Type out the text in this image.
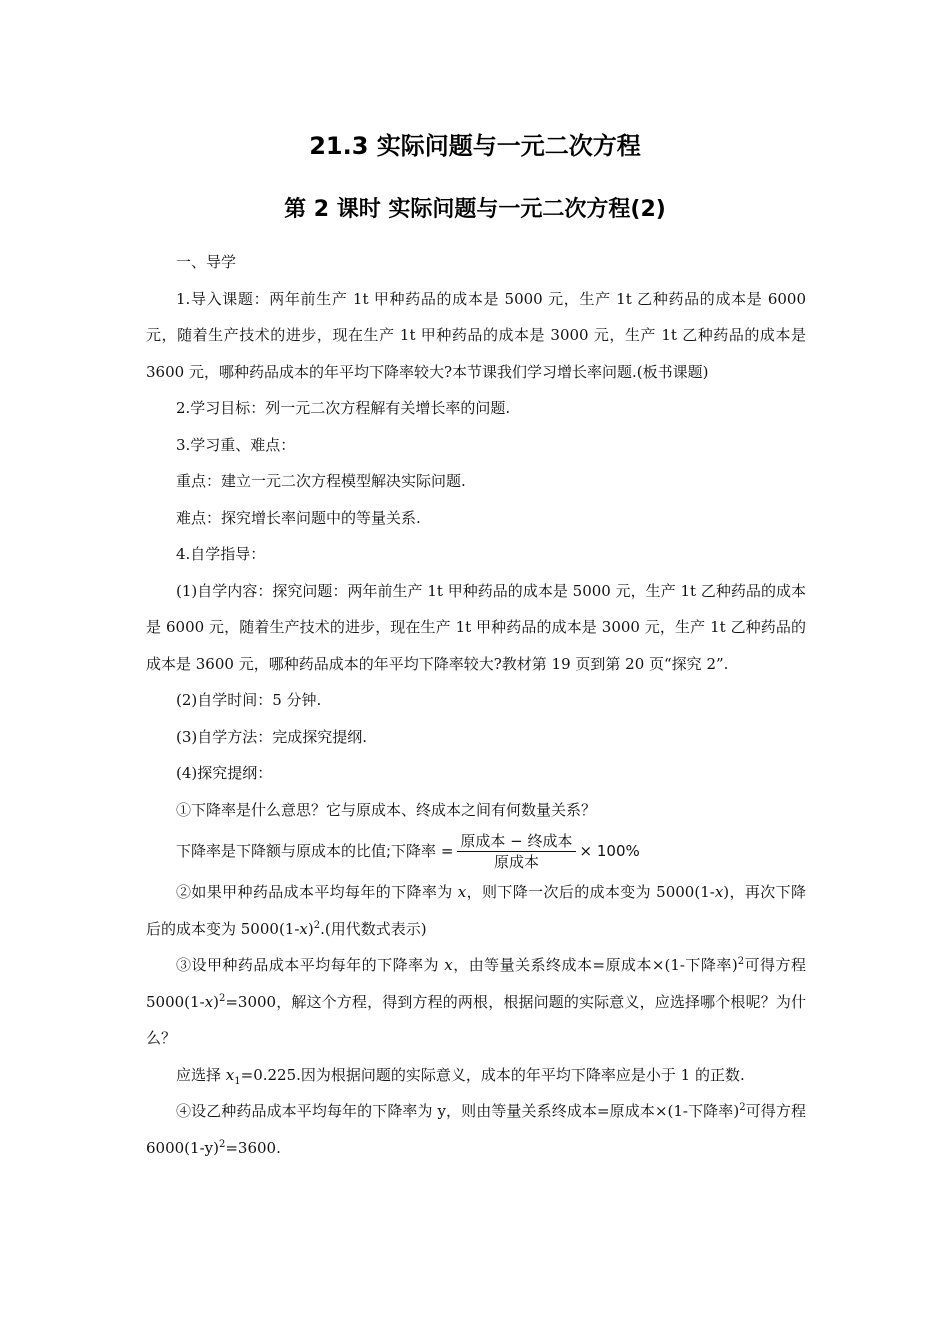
21.3 实际问题与一元二次方程
第 2 课时 实际问题与一元二次方程(2)

一、导学

1.导入课题：两年前生产 1t 甲种药品的成本是 5000 元，生产 1t 乙种药品的成本是 6000 元，随着生产技术的进步，现在生产 1t 甲种药品的成本是 3000 元，生产 1t 乙种药品的成本是 3600 元，哪种药品成本的年平均下降率较大?本节课我们学习增长率问题.(板书课题)

2.学习目标：列一元二次方程解有关增长率的问题.

3.学习重、难点：

重点：建立一元二次方程模型解决实际问题.

难点：探究增长率问题中的等量关系.

4.自学指导：

(1)自学内容：探究问题：两年前生产 1t 甲种药品的成本是 5000 元，生产 1t 乙种药品的成本是 6000 元，随着生产技术的进步，现在生产 1t 甲种药品的成本是 3000 元，生产 1t 乙种药品的成本是 3600 元，哪种药品成本的年平均下降率较大?教材第 19 页到第 20 页“探究 2”.

(2)自学时间：5 分钟.

(3)自学方法：完成探究提纲.

(4)探究提纲：

①下降率是什么意思？它与原成本、终成本之间有何数量关系？

下降率是下降额与原成本的比值;下降率 = $\frac{\text{原成本 − 终成本}}{\text{原成本}} \times 100\%$

②如果甲种药品成本平均每年的下降率为 x，则下降一次后的成本变为 5000(1-x)，再次下降后的成本变为 $5000(1-x)^2$.(用代数式表示)

③设甲种药品成本平均每年的下降率为 x，由等量关系终成本=原成本×(1-下降率)$^2$可得方程 $5000(1-x)^2=3000$，解这个方程，得到方程的两根，根据问题的实际意义，应选择哪个根呢？为什么？

应选择 $x_1=0.225$.因为根据问题的实际意义，成本的年平均下降率应是小于 1 的正数.

④设乙种药品成本平均每年的下降率为 y，则由等量关系终成本=原成本×(1-下降率)$^2$可得方程 $6000(1-y)^2=3600$.
